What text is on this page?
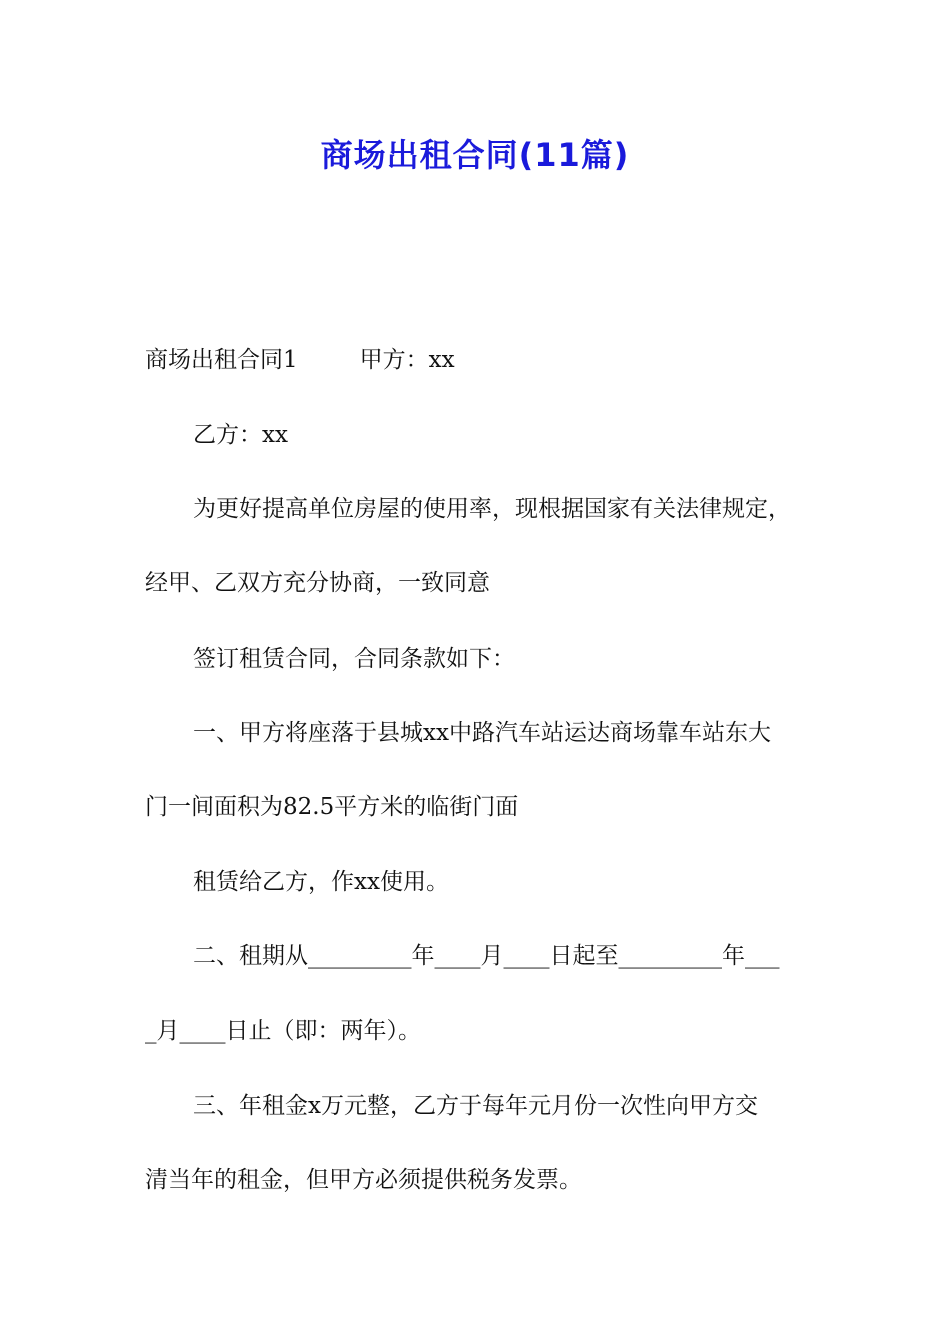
商场出租合同(11篇)

商场出租合同1	甲方：xx

乙方：xx

为更好提高单位房屋的使用率，现根据国家有关法律规定，

经甲、乙双方充分协商，一致同意

签订租赁合同，合同条款如下：

一、甲方将座落于县城xx中路汽车站运达商场靠车站东大

门一间面积为82.5平方米的临街门面

租赁给乙方，作xx使用。

二、租期从_________年____月____日起至_________年___

_月____日止（即：两年）。

三、年租金x万元整，乙方于每年元月份一次性向甲方交

清当年的租金，但甲方必须提供税务发票。
